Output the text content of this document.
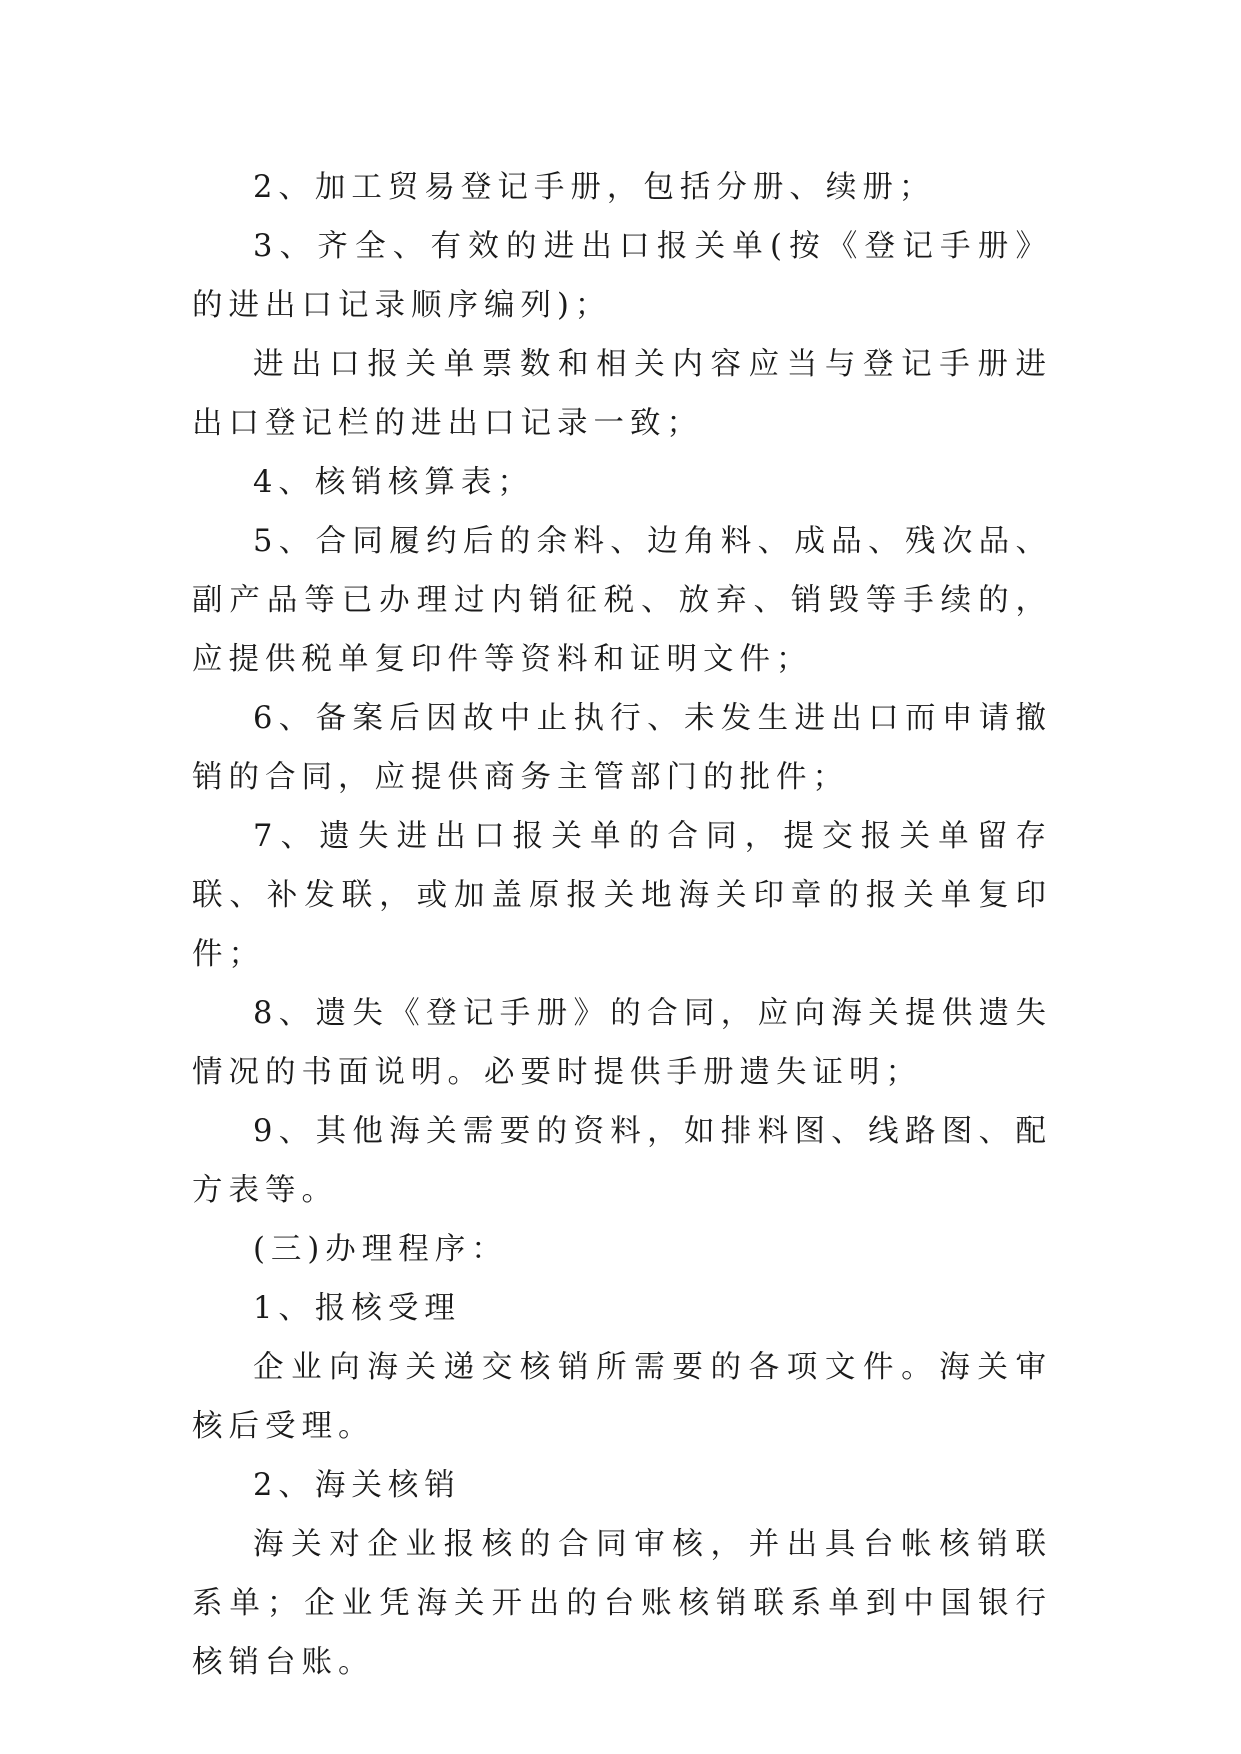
2、加工贸易登记手册，包括分册、续册；

3、齐全、有效的进出口报关单(按《登记手册》的进出口记录顺序编列)；

进出口报关单票数和相关内容应当与登记手册进出口登记栏的进出口记录一致；

4、核销核算表；

5、合同履约后的余料、边角料、成品、残次品、副产品等已办理过内销征税、放弃、销毁等手续的，应提供税单复印件等资料和证明文件；

6、备案后因故中止执行、未发生进出口而申请撤销的合同，应提供商务主管部门的批件；

7、遗失进出口报关单的合同，提交报关单留存联、补发联，或加盖原报关地海关印章的报关单复印件；

8、遗失《登记手册》的合同，应向海关提供遗失情况的书面说明。必要时提供手册遗失证明；

9、其他海关需要的资料，如排料图、线路图、配方表等。

(三)办理程序：

1、报核受理

企业向海关递交核销所需要的各项文件。海关审核后受理。

2、海关核销

海关对企业报核的合同审核，并出具台帐核销联系单；企业凭海关开出的台账核销联系单到中国银行核销台账。
